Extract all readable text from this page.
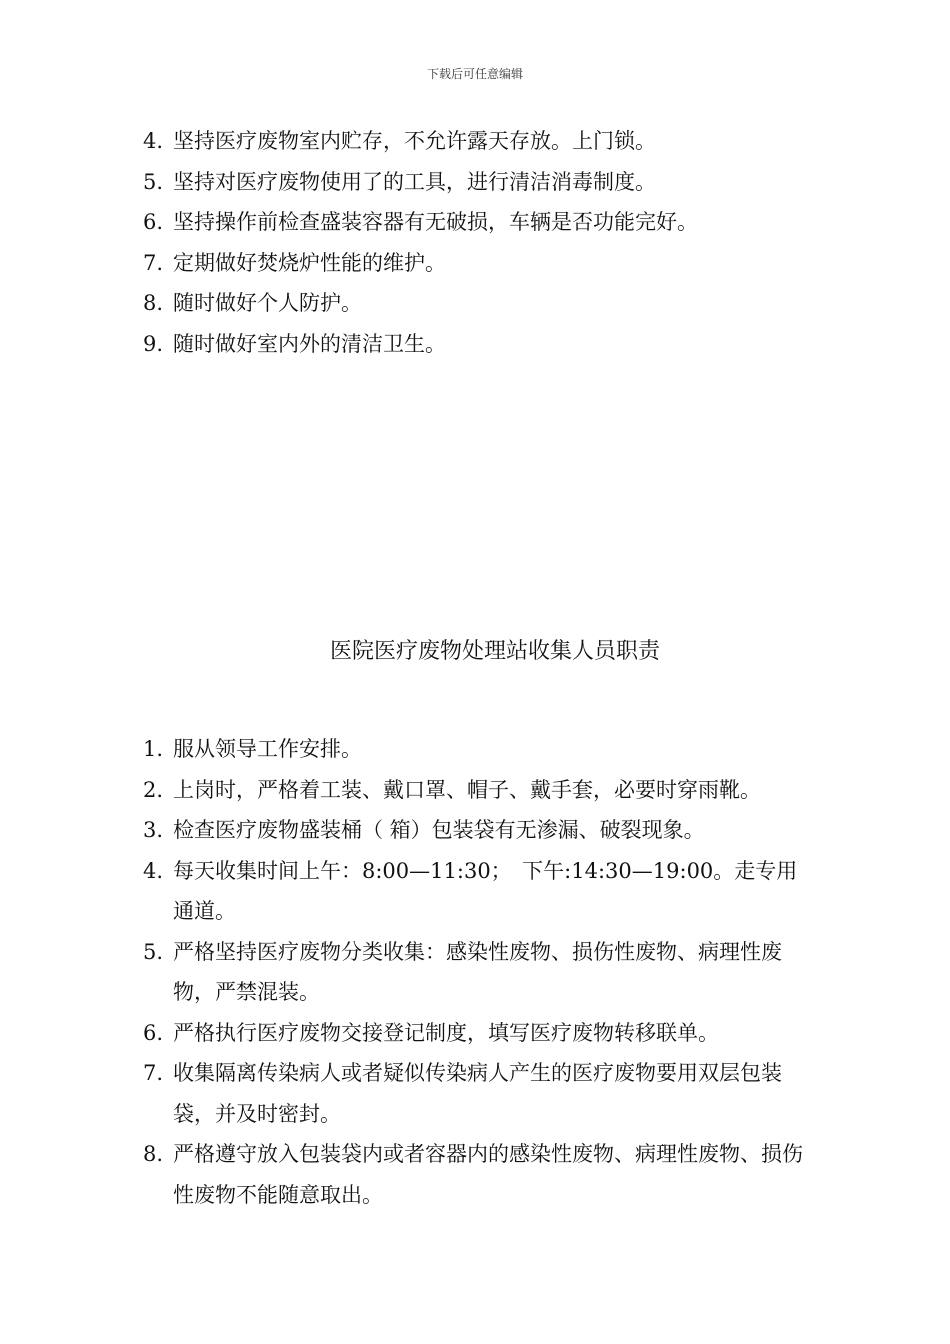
下载后可任意编辑
4. 坚持医疗废物室内贮存，不允许露天存放。上门锁。
5. 坚持对医疗废物使用了的工具，进行清洁消毒制度。
6. 坚持操作前检查盛装容器有无破损，车辆是否功能完好。
7. 定期做好焚烧炉性能的维护。
8. 随时做好个人防护。
9. 随时做好室内外的清洁卫生。
医院医疗废物处理站收集人员职责
1. 服从领导工作安排。
2. 上岗时，严格着工装、戴口罩、帽子、戴手套，必要时穿雨靴。
3. 检查医疗废物盛装桶（ 箱）包装袋有无渗漏、破裂现象。
4. 每天收集时间上午：8:00—11:30；　下午:14:30—19:00。走专用通道。
5. 严格坚持医疗废物分类收集：感染性废物、损伤性废物、病理性废物，严禁混装。
6. 严格执行医疗废物交接登记制度，填写医疗废物转移联单。
7. 收集隔离传染病人或者疑似传染病人产生的医疗废物要用双层包装袋，并及时密封。
8. 严格遵守放入包装袋内或者容器内的感染性废物、病理性废物、损伤性废物不能随意取出。
